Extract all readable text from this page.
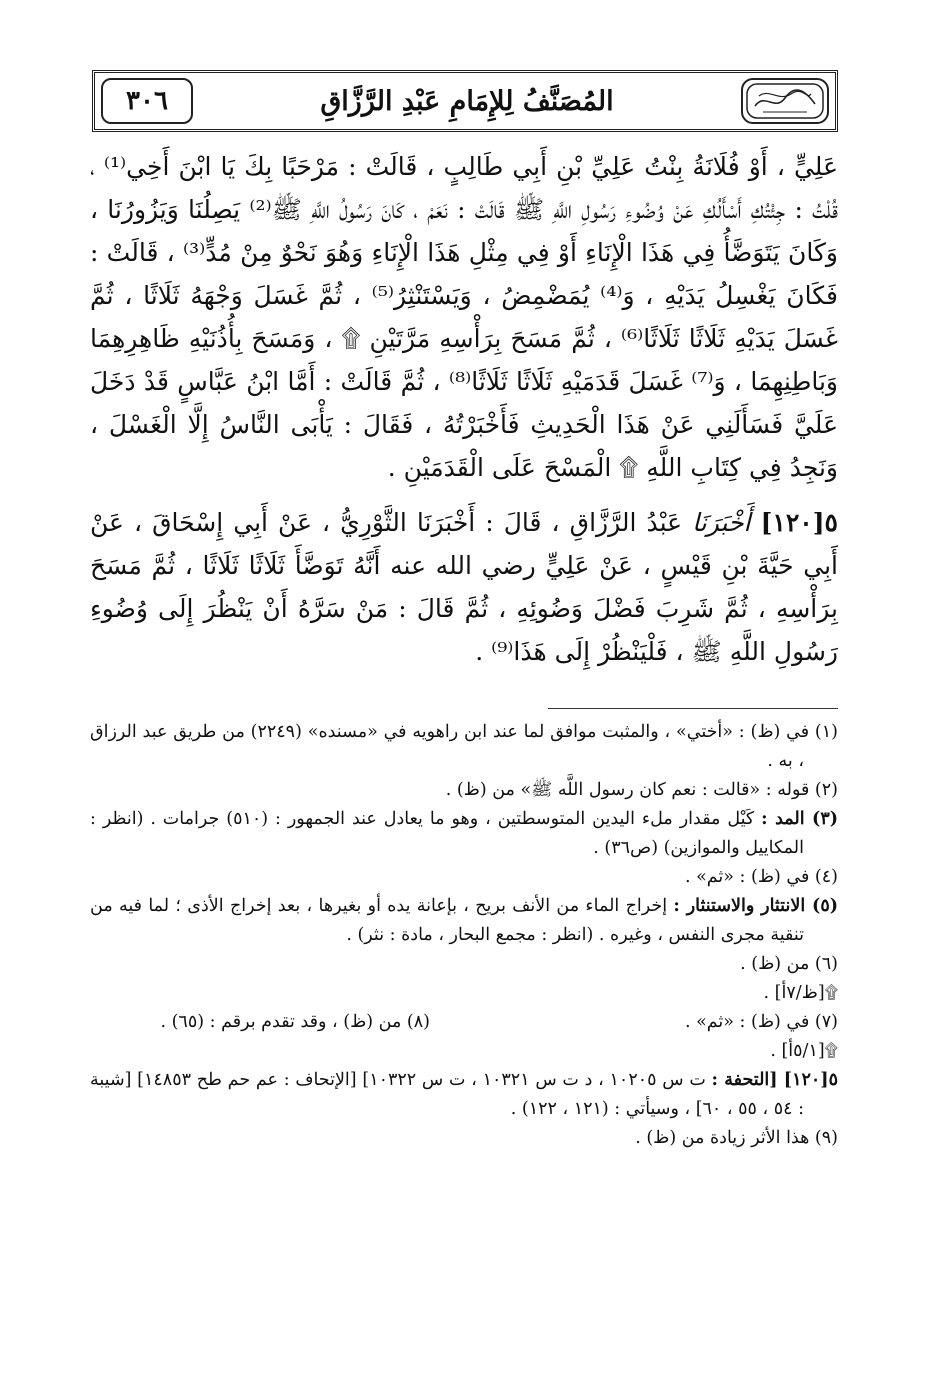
٣٠٦	المُصَنَّفُ لِلإِمَامِ عَبْدِ الرَّزَّاقِ

عَلِيٍّ ، أَوْ فُلَانَةُ بِنْتُ عَلِيِّ بْنِ أَبِي طَالِبٍ ، قَالَتْ : مَرْحَبًا بِكَ يَا ابْنَ أَخِي⁽¹⁾ ، قُلْتُ : جِئْتُكِ أَسْأَلُكِ عَنْ وُضُوءِ رَسُولِ اللَّهِ ﷺ قَالَتْ : نَعَمْ ، كَانَ رَسُولُ اللَّهِ ﷺ⁽²⁾ يَصِلُنَا وَيَزُورُنَا ، وَكَانَ يَتَوَضَّأُ فِي هَذَا الْإِنَاءِ أَوْ فِي مِثْلِ هَذَا الْإِنَاءِ وَهُوَ نَحْوٌ مِنْ مُدٍّ⁽³⁾ ، قَالَتْ : فَكَانَ يَغْسِلُ يَدَيْهِ ، وَ⁽⁴⁾ يُمَضْمِضُ ، وَيَسْتَنْثِرُ⁽⁵⁾ ، ثُمَّ غَسَلَ وَجْهَهُ ثَلَاثًا ، ثُمَّ غَسَلَ يَدَيْهِ ثَلَاثًا ثَلَاثًا⁽⁶⁾ ، ثُمَّ مَسَحَ بِرَأْسِهِ مَرَّتَيْنِ ۩ ، وَمَسَحَ بِأُذُنَيْهِ ظَاهِرِهِمَا وَبَاطِنِهِمَا ، وَ⁽⁷⁾ غَسَلَ قَدَمَيْهِ ثَلَاثًا ثَلَاثًا⁽⁸⁾ ، ثُمَّ قَالَتْ : أَمَّا ابْنُ عَبَّاسٍ قَدْ دَخَلَ عَلَيَّ فَسَأَلَنِي عَنْ هَذَا الْحَدِيثِ فَأَخْبَرْتُهُ ، فَقَالَ : يَأْبَى النَّاسُ إِلَّا الْغَسْلَ ، وَنَجِدُ فِي كِتَابِ اللَّهِ ۩ الْمَسْحَ عَلَى الْقَدَمَيْنِ .

٥[١٢٠] أَخْبَرَنَا عَبْدُ الرَّزَّاقِ ، قَالَ : أَخْبَرَنَا الثَّوْرِيُّ ، عَنْ أَبِي إِسْحَاقَ ، عَنْ أَبِي حَيَّةَ بْنِ قَيْسٍ ، عَنْ عَلِيٍّ رضي الله عنه أَنَّهُ تَوَضَّأَ ثَلَاثًا ثَلَاثًا ، ثُمَّ مَسَحَ بِرَأْسِهِ ، ثُمَّ شَرِبَ فَضْلَ وَضُوئِهِ ، ثُمَّ قَالَ : مَنْ سَرَّهُ أَنْ يَنْظُرَ إِلَى وُضُوءِ رَسُولِ اللَّهِ ﷺ ، فَلْيَنْظُرْ إِلَى هَذَا⁽⁹⁾ .

(١) في (ظ) : «أختي» ، والمثبت موافق لما عند ابن راهويه في «مسنده» (٢٢٤٩) من طريق عبد الرزاق ، به .

(٢) قوله : «قالت : نعم كان رسول اللَّه ﷺ» من (ظ) .

(٣) المد : كَيْل مقدار ملء اليدين المتوسطتين ، وهو ما يعادل عند الجمهور : (٥١٠) جرامات . (انظر : المكاييل والموازين) (ص٣٦) .

(٤) في (ظ) : «ثم» .

(٥) الانتثار والاستنثار : إخراج الماء من الأنف بريح ، بإعانة يده أو بغيرها ، بعد إخراج الأذى ؛ لما فيه من تنقية مجرى النفس ، وغيره . (انظر : مجمع البحار ، مادة : نثر) .

(٦) من (ظ) .

۩[ظ/٧أ] .

(٧) في (ظ) : «ثم» .

(٨) من (ظ) ، وقد تقدم برقم : (٦٥) .

۩[٥/١أ] .

٥[١٢٠] [التحفة : ت س ١٠٢٠٥ ، د ت س ١٠٣٢١ ، ت س ١٠٣٢٢] [الإتحاف : عم حم طح ١٤٨٥٣] [شيبة : ٥٤ ، ٥٥ ، ٦٠] ، وسيأتي : (١٢١ ، ١٢٢) .

(٩) هذا الأثر زيادة من (ظ) .
